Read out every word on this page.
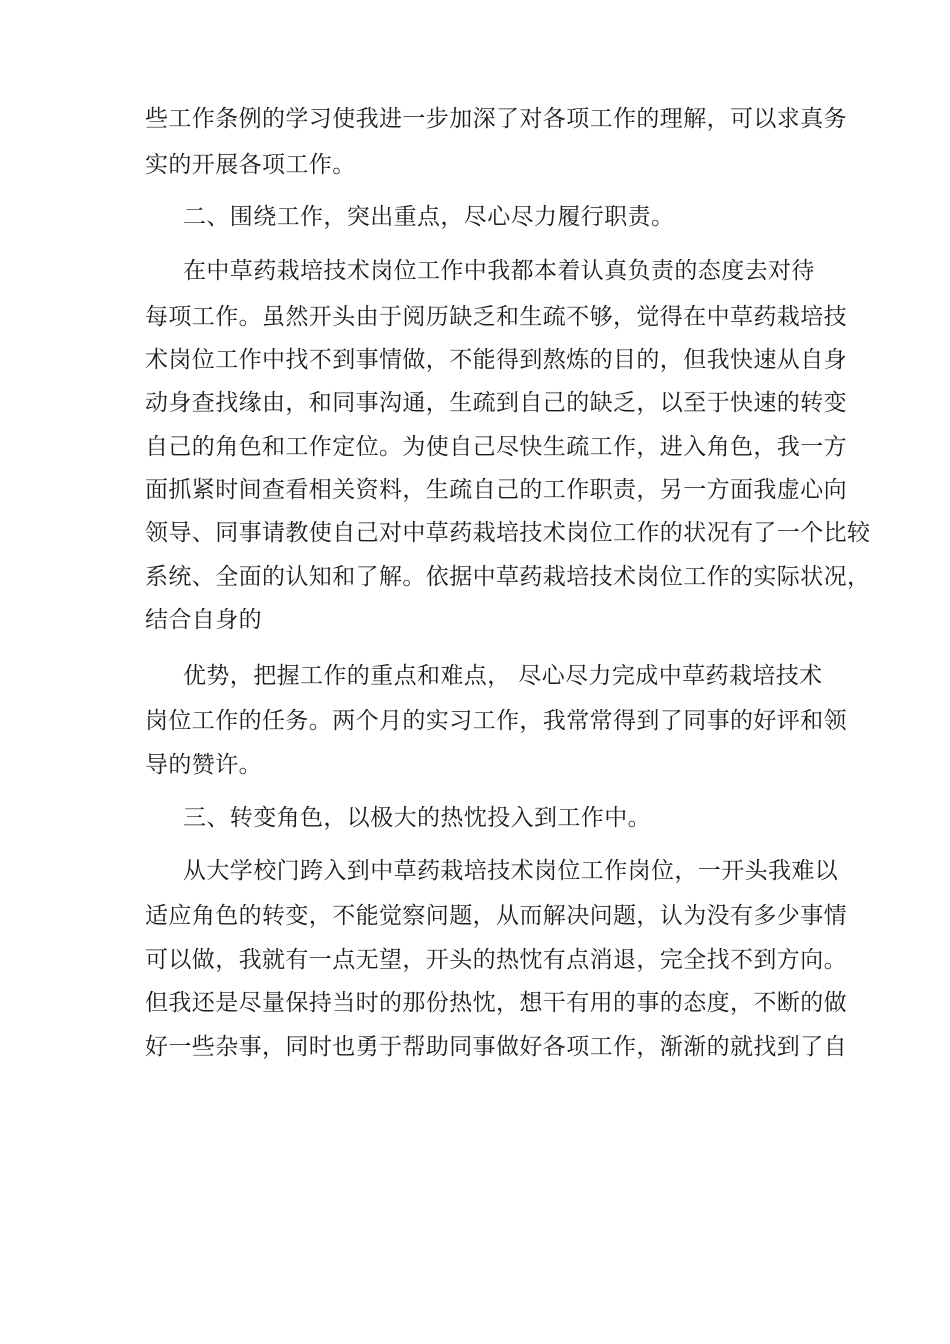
些工作条例的学习使我进一步加深了对各项工作的理解，可以求真务

实的开展各项工作。

二、围绕工作，突出重点，尽心尽力履行职责。

在中草药栽培技术岗位工作中我都本着认真负责的态度去对待

每项工作。虽然开头由于阅历缺乏和生疏不够，觉得在中草药栽培技

术岗位工作中找不到事情做，不能得到熬炼的目的，但我快速从自身

动身查找缘由，和同事沟通，生疏到自己的缺乏，以至于快速的转变

自己的角色和工作定位。为使自己尽快生疏工作，进入角色，我一方

面抓紧时间查看相关资料，生疏自己的工作职责，另一方面我虚心向

领导、同事请教使自己对中草药栽培技术岗位工作的状况有了一个比较

系统、全面的认知和了解。依据中草药栽培技术岗位工作的实际状况，

结合自身的

优势，把握工作的重点和难点， 尽心尽力完成中草药栽培技术

岗位工作的任务。两个月的实习工作，我常常得到了同事的好评和领

导的赞许。

三、转变角色，以极大的热忱投入到工作中。

从大学校门跨入到中草药栽培技术岗位工作岗位，一开头我难以

适应角色的转变，不能觉察问题，从而解决问题，认为没有多少事情

可以做，我就有一点无望，开头的热忱有点消退，完全找不到方向。

但我还是尽量保持当时的那份热忱，想干有用的事的态度，不断的做

好一些杂事，同时也勇于帮助同事做好各项工作，渐渐的就找到了自
